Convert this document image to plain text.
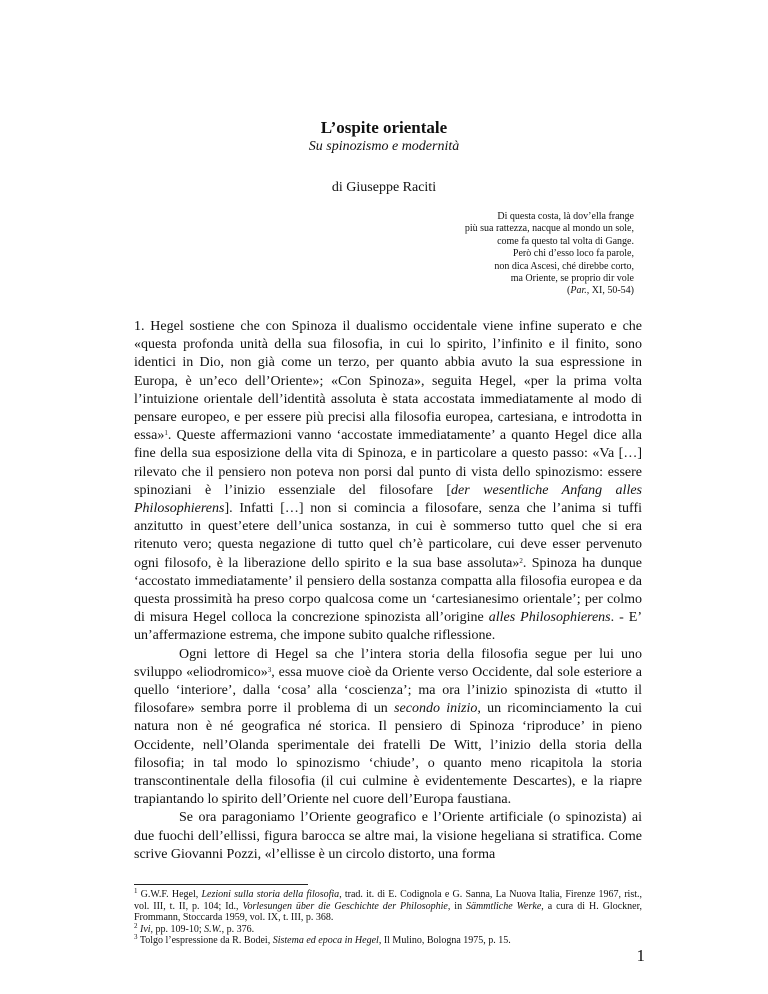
L’ospite orientale
Su spinozismo e modernità
di Giuseppe Raciti
Di questa costa, là dov’ella frange
più sua rattezza, nacque al mondo un sole,
come fa questo tal volta di Gange.
Però chi d’esso loco fa parole,
non dica Ascesi, ché direbbe corto,
ma Oriente, se proprio dir vole
(Par., XI, 50-54)

1. Hegel sostiene che con Spinoza il dualismo occidentale viene infine superato e che «questa profonda unità della sua filosofia, in cui lo spirito, l’infinito e il finito, sono identici in Dio, non già come un terzo, per quanto abbia avuto la sua espressione in Europa, è un’eco dell’Oriente»; «Con Spinoza», seguita Hegel, «per la prima volta l’intuizione orientale dell’identità assoluta è stata accostata immediatamente al modo di pensare europeo, e per essere più precisi alla filosofia europea, cartesiana, e introdotta in essa»$^1$. Queste affermazioni vanno ‘accostate immediatamente’ a quanto Hegel dice alla fine della sua esposizione della vita di Spinoza, e in particolare a questo passo: «Va […] rilevato che il pensiero non poteva non porsi dal punto di vista dello spinozismo: essere spinoziani è l’inizio essenziale del filosofare [der wesentliche Anfang alles Philosophierens]. Infatti […] non si comincia a filosofare, senza che l’anima si tuffi anzitutto in quest’etere dell’unica sostanza, in cui è sommerso tutto quel che si era ritenuto vero; questa negazione di tutto quel ch’è particolare, cui deve esser pervenuto ogni filosofo, è la liberazione dello spirito e la sua base assoluta»$^2$. Spinoza ha dunque ‘accostato immediatamente’ il pensiero della sostanza compatta alla filosofia europea e da questa prossimità ha preso corpo qualcosa come un ‘cartesianesimo orientale’; per colmo di misura Hegel colloca la concrezione spinozista all’origine alles Philosophierens. - E’ un’affermazione estrema, che impone subito qualche riflessione.

Ogni lettore di Hegel sa che l’intera storia della filosofia segue per lui uno sviluppo «eliodromico»$^3$, essa muove cioè da Oriente verso Occidente, dal sole esteriore a quello ‘interiore’, dalla ‘cosa’ alla ‘coscienza’; ma ora l’inizio spinozista di «tutto il filosofare» sembra porre il problema di un secondo inizio, un ricominciamento la cui natura non è né geografica né storica. Il pensiero di Spinoza ‘riproduce’ in pieno Occidente, nell’Olanda sperimentale dei fratelli De Witt, l’inizio della storia della filosofia; in tal modo lo spinozismo ‘chiude’, o quanto meno ricapitola la storia transcontinentale della filosofia (il cui culmine è evidentemente Descartes), e la riapre trapiantando lo spirito dell’Oriente nel cuore dell’Europa faustiana.

Se ora paragoniamo l’Oriente geografico e l’Oriente artificiale (o spinozista) ai due fuochi dell’ellissi, figura barocca se altre mai, la visione hegeliana si stratifica. Come scrive Giovanni Pozzi, «l’ellisse è un circolo distorto, una forma

$^1$ G.W.F. Hegel, Lezioni sulla storia della filosofia, trad. it. di E. Codignola e G. Sanna, La Nuova Italia, Firenze 1967, rist., vol. III, t. II, p. 104; Id., Vorlesungen über die Geschichte der Philosophie, in Sämmtliche Werke, a cura di H. Glockner, Frommann, Stoccarda 1959, vol. IX, t. III, p. 368.

$^2$ Ivi, pp. 109-10; S.W., p. 376.

$^3$ Tolgo l’espressione da R. Bodei, Sistema ed epoca in Hegel, Il Mulino, Bologna 1975, p. 15.

1
